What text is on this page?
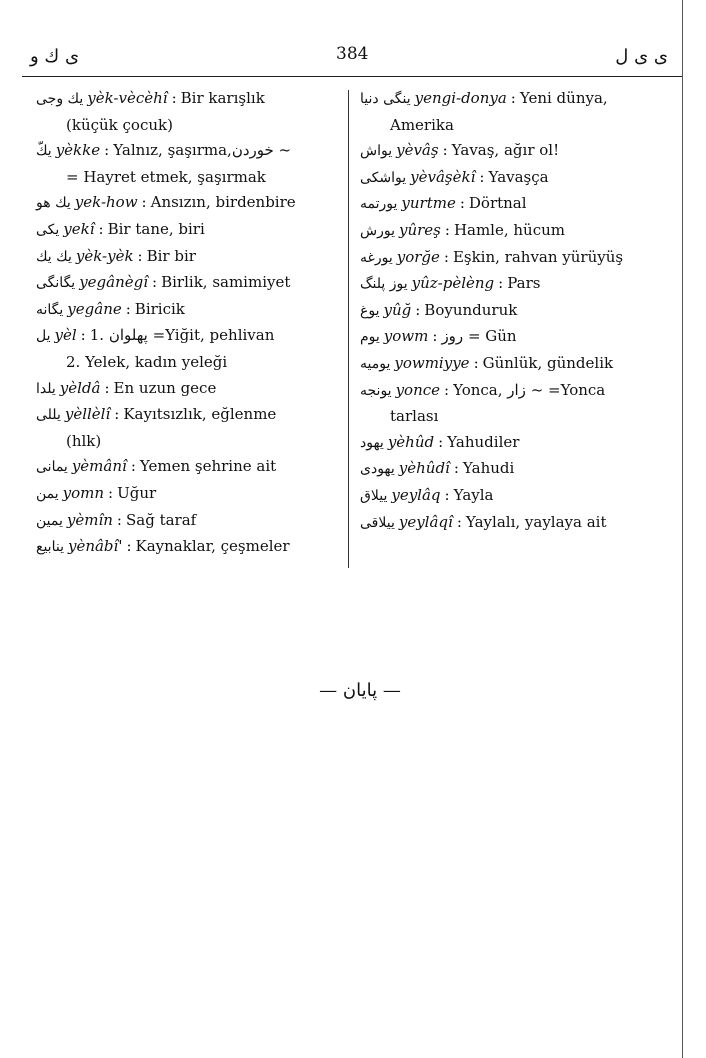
ی ك و	384	ی ی ل
یك وجی yèk-vècèhî : Bir karışlık
(küçük çocuk)
یكّ yèkke : Yalnız, şaşırma,‫خوردن‬ ~
= Hayret etmek, şaşırmak
یك هو yek-how : Ansızın, birdenbire
یكی yekî : Bir tane, biri
یك یك yèk-yèk : Bir bir
یگانگی yegânègî : Birlik, samimiyet
یگانه yegâne : Biricik
یل yèl : 1. پهلوان =Yiğit, pehlivan
2. Yelek, kadın yeleği
یلدا yèldâ : En uzun gece
یللی yèllèlî : Kayıtsızlık, eğlenme
(hlk)
یمانی yèmânî : Yemen şehrine ait
یمن yomn : Uğur
یمین yèmîn : Sağ taraf
ینابیع yènâbî' : Kaynaklar, çeşmeler
ینگی دنیا yengi-donya : Yeni dünya,
Amerika
یواش yèvâş : Yavaş, ağır ol!
یواشکی yèvâşèkî : Yavaşça
یورتمه yurtme : Dörtnal
یورش yûreş : Hamle, hücum
یورغه yorğe : Eşkin, rahvan yürüyüş
یوز پلنگ yûz-pèlèng : Pars
یوغ yûğ : Boyunduruk
یوم yowm : روز = Gün
یومیه yowmiyye : Günlük, gündelik
یونجه yonce : Yonca, زار ~ =Yonca
tarlası
یهود yèhûd : Yahudiler
یهودی yèhûdî : Yahudi
ییلاق yeylâq : Yayla
ییلاقی yeylâqî : Yaylalı, yaylaya ait
— پایان —
